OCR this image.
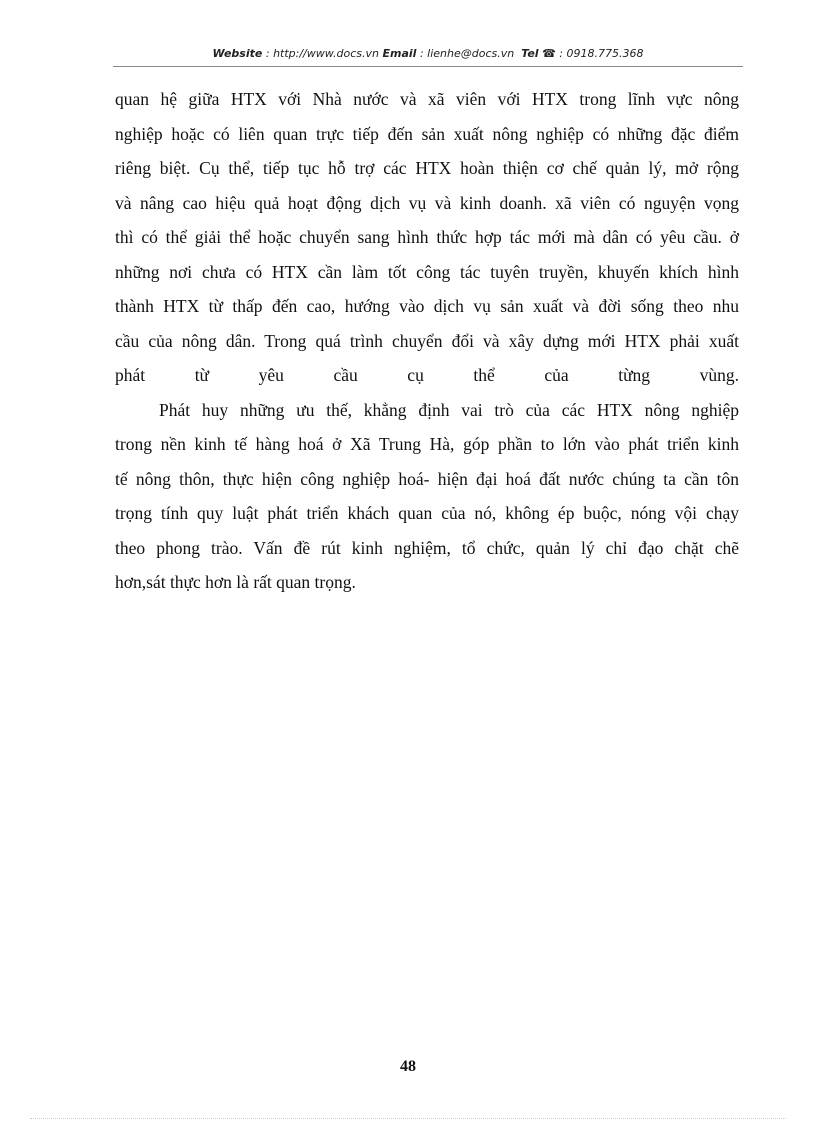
Website : http://www.docs.vn Email : lienhe@docs.vn Tel ☎ : 0918.775.368

quan hệ giữa HTX với Nhà nước và xã viên với HTX trong lĩnh vực nông
nghiệp hoặc có liên quan trực tiếp đến sản xuất nông nghiệp có những đặc điểm
riêng biệt. Cụ thể, tiếp tục hỗ trợ các HTX hoàn thiện cơ chế quản lý, mở rộng
và nâng cao hiệu quả hoạt động dịch vụ và kinh doanh. xã viên có nguyện vọng
thì có thể giải thể hoặc chuyển sang hình thức hợp tác mới mà dân có yêu cầu. ở
những nơi chưa có HTX cần làm tốt công tác tuyên truyền, khuyến khích hình
thành HTX từ thấp đến cao, hướng vào dịch vụ sản xuất và đời sống theo nhu
cầu của nông dân. Trong quá trình chuyển đổi và xây dựng mới HTX phải xuất
phát từ yêu cầu cụ thể của từng vùng.

Phát huy những ưu thế, khẳng định vai trò của các HTX nông nghiệp
trong nền kinh tế hàng hoá ở Xã Trung Hà, góp phần to lớn vào phát triển kinh
tế nông thôn, thực hiện công nghiệp hoá- hiện đại hoá đất nước chúng ta cần tôn
trọng tính quy luật phát triển khách quan của nó, không ép buộc, nóng vội chạy
theo phong trào. Vấn đề rút kinh nghiệm, tổ chức, quản lý chỉ đạo chặt chẽ
hơn,sát thực hơn là rất quan trọng.

48
